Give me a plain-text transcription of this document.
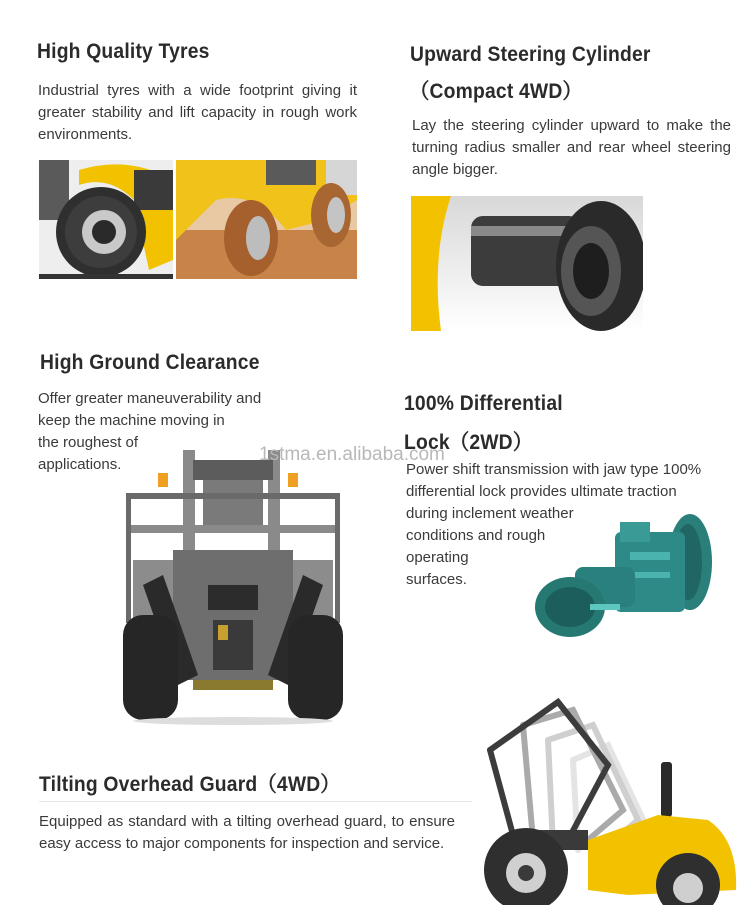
High Quality Tyres
Industrial tyres with a wide footprint giving it greater stability and lift capacity in rough work environments.
Upward Steering Cylinder
（Compact 4WD）
Lay the steering cylinder upward to make the turning radius smaller and rear wheel steering angle bigger.
High Ground Clearance
Offer greater maneuverability and
keep the machine moving in
the roughest of
applications.	1stma.en.alibaba.com
100% Differential
Lock（2WD）
Power shift transmission with jaw type 100%
differential lock provides ultimate traction
during inclement weather
conditions and rough
operating
surfaces.
Tilting Overhead Guard（4WD）
Equipped as standard with a tilting overhead guard, to ensure easy access to major components for inspection and service.
